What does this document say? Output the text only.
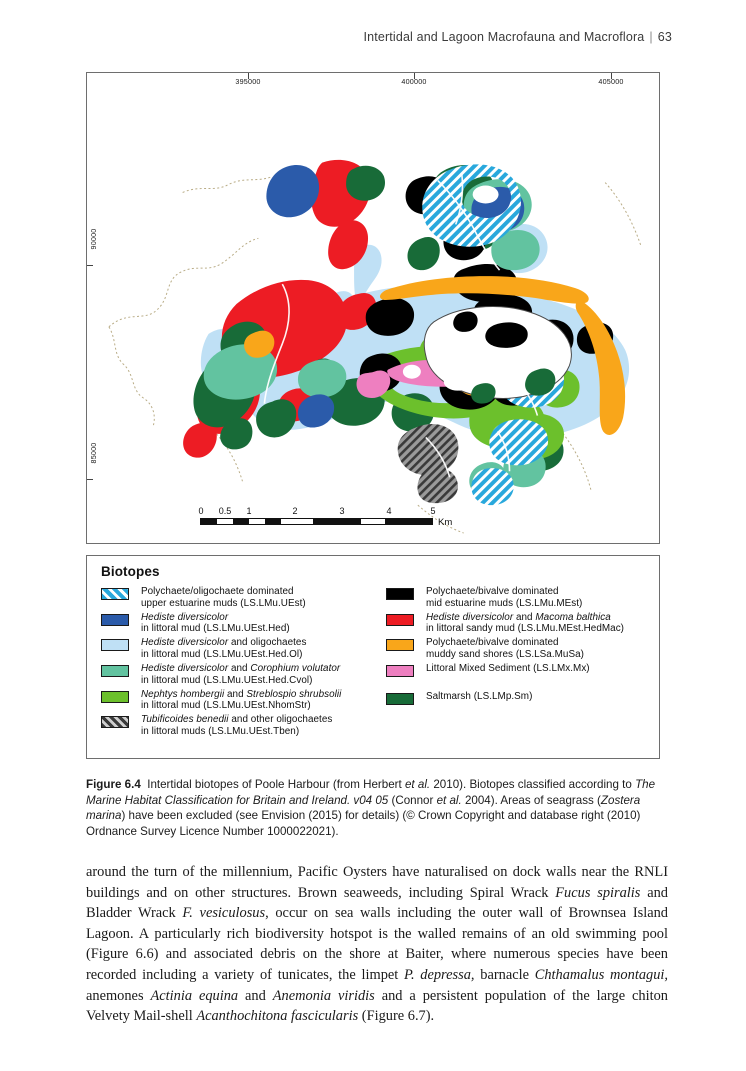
Intertidal and Lagoon Macrofauna and Macroflora | 63
395000	400000	405000
90000
85000
0 0.5 1	2	3	4	5
Km
Biotopes
Polychaete/oligochaete dominated
upper estuarine muds (LS.LMu.UEst)
Hediste diversicolor
in littoral mud (LS.LMu.UEst.Hed)
Hediste diversicolor and oligochaetes
in littoral mud (LS.LMu.UEst.Hed.Ol)
Hediste diversicolor and Corophium volutator
in littoral mud (LS.LMu.UEst.Hed.Cvol)
Nephtys hombergii and Streblospio shrubsolii
in littoral mud (LS.LMu.UEst.NhomStr)
Tubificoides benedii and other oligochaetes
in littoral muds (LS.LMu.UEst.Tben)
Polychaete/bivalve dominated
mid estuarine muds (LS.LMu.MEst)
Hediste diversicolor and Macoma balthica
in littoral sandy mud (LS.LMu.MEst.HedMac)
Polychaete/bivalve dominated
muddy sand shores (LS.LSa.MuSa)
Littoral Mixed Sediment (LS.LMx.Mx)
Saltmarsh (LS.LMp.Sm)
Figure 6.4 Intertidal biotopes of Poole Harbour (from Herbert et al. 2010). Biotopes classified according to The Marine Habitat Classification for Britain and Ireland. v04 05 (Connor et al. 2004). Areas of seagrass (Zostera marina) have been excluded (see Envision (2015) for details) (© Crown Copyright and database right (2010) Ordnance Survey Licence Number 1000022021).
around the turn of the millennium, Pacific Oysters have naturalised on dock walls near the RNLI buildings and on other structures. Brown seaweeds, including Spiral Wrack Fucus spiralis and Bladder Wrack F. vesiculosus, occur on sea walls including the outer wall of Brownsea Island Lagoon. A particularly rich biodiversity hotspot is the walled remains of an old swimming pool (Figure 6.6) and associated debris on the shore at Baiter, where numerous species have been recorded including a variety of tunicates, the limpet P. depressa, barnacle Chthamalus montagui, anemones Actinia equina and Anemonia viridis and a persistent population of the large chiton Velvety Mail-shell Acanthochitona fascicularis (Figure 6.7).
